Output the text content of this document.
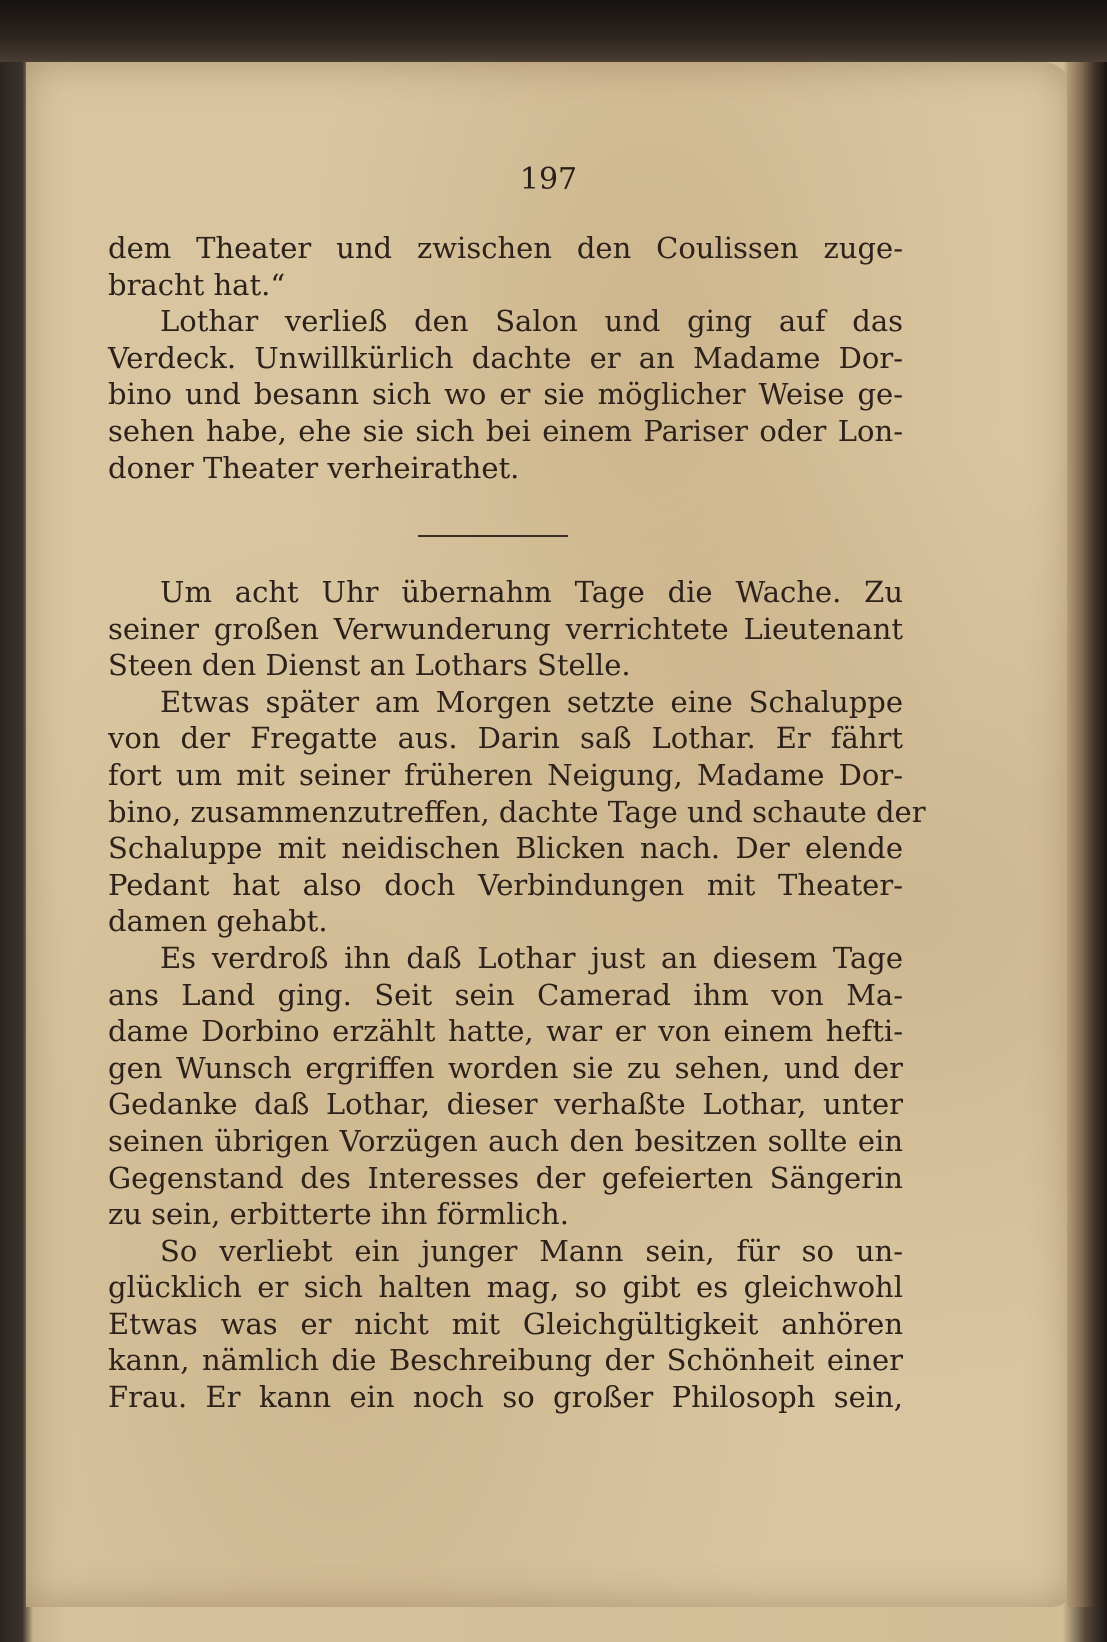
197
dem Theater und zwischen den Coulissen zuge-
bracht hat.“
Lothar verließ den Salon und ging auf das
Verdeck. Unwillkürlich dachte er an Madame Dor-
bino und besann sich wo er sie möglicher Weise ge-
sehen habe, ehe sie sich bei einem Pariser oder Lon-
doner Theater verheirathet.
Um acht Uhr übernahm Tage die Wache. Zu
seiner großen Verwunderung verrichtete Lieutenant
Steen den Dienst an Lothars Stelle.
Etwas später am Morgen setzte eine Schaluppe
von der Fregatte aus. Darin saß Lothar. Er fährt
fort um mit seiner früheren Neigung, Madame Dor-
bino, zusammenzutreffen, dachte Tage und schaute der
Schaluppe mit neidischen Blicken nach. Der elende
Pedant hat also doch Verbindungen mit Theater-
damen gehabt.
Es verdroß ihn daß Lothar just an diesem Tage
ans Land ging. Seit sein Camerad ihm von Ma-
dame Dorbino erzählt hatte, war er von einem hefti-
gen Wunsch ergriffen worden sie zu sehen, und der
Gedanke daß Lothar, dieser verhaßte Lothar, unter
seinen übrigen Vorzügen auch den besitzen sollte ein
Gegenstand des Interesses der gefeierten Sängerin
zu sein, erbitterte ihn förmlich.
So verliebt ein junger Mann sein, für so un-
glücklich er sich halten mag, so gibt es gleichwohl
Etwas was er nicht mit Gleichgültigkeit anhören
kann, nämlich die Beschreibung der Schönheit einer
Frau. Er kann ein noch so großer Philosoph sein,
